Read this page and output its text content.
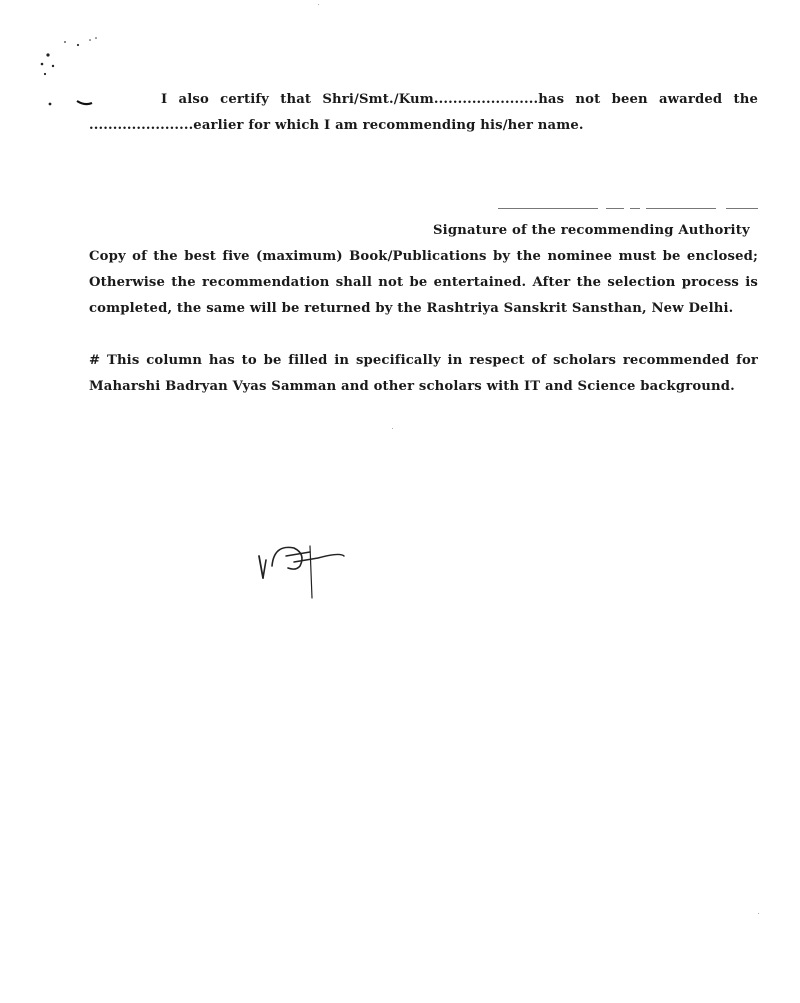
I also certify that Shri/Smt./Kum......................has not been awarded the
......................earlier for which I am recommending his/her name.
Signature of the recommending Authority
Copy of the best five (maximum) Book/Publications by the nominee must be enclosed;
Otherwise the recommendation shall not be entertained. After the selection process is
completed, the same will be returned by the Rashtriya Sanskrit Sansthan, New Delhi.
# This column has to be filled in specifically in respect of scholars recommended for
Maharshi Badryan Vyas Samman and other scholars with IT and Science background.
